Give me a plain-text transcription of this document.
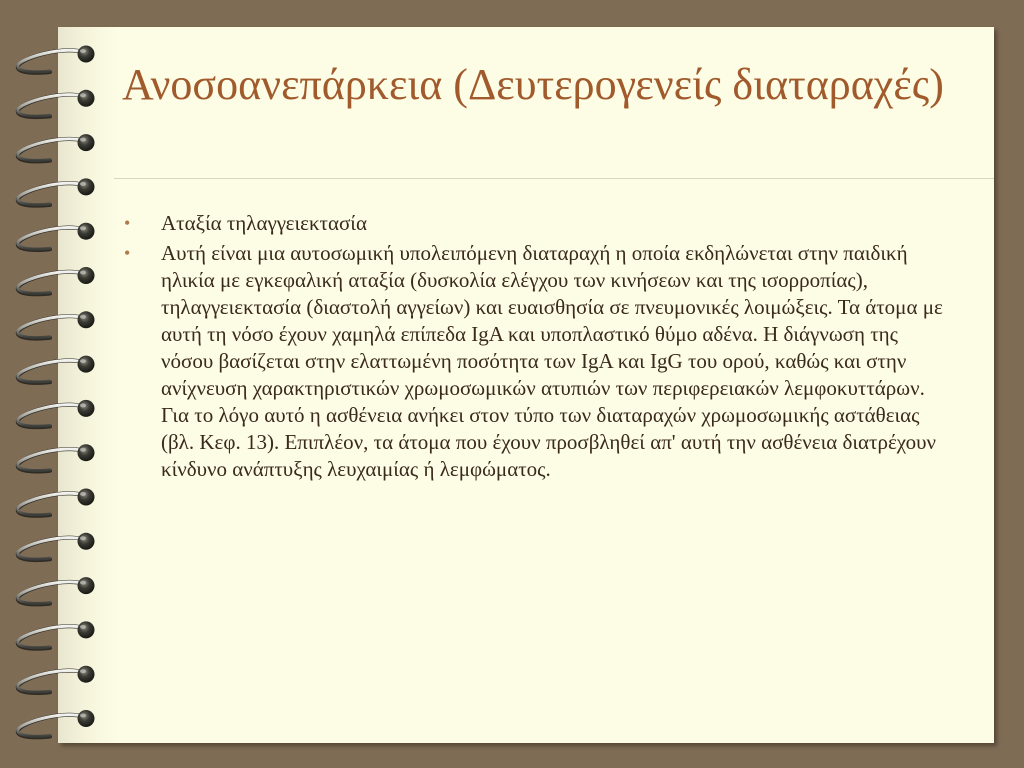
Ανοσοανεπάρκεια (Δευτερογενείς διαταραχές)
• Αταξία τηλαγγειεκτασία
• Αυτή είναι μια αυτοσωμική υπολειπόμενη διαταραχή η οποία εκδηλώνεται στην παιδική ηλικία με εγκεφαλική αταξία (δυσκολία ελέγχου των κινήσεων και της ισορροπίας), τηλαγγειεκτασία (διαστολή αγγείων) και ευαισθησία σε πνευμονικές λοιμώξεις. Τα άτομα με αυτή τη νόσο έχουν χαμηλά επίπεδα IgA και υποπλαστικό θύμο αδένα. Η διάγνωση της νόσου βασίζεται στην ελαττωμένη ποσότητα των IgA και IgG του ορού, καθώς και στην ανίχνευση χαρακτηριστικών χρωμοσωμικών ατυπιών των περιφερειακών λεμφοκυττάρων. Για το λόγο αυτό η ασθένεια ανήκει στον τύπο των διαταραχών χρωμοσωμικής αστάθειας (βλ. Κεφ. 13). Επιπλέον, τα άτομα που έχουν προσβληθεί απ' αυτή την ασθένεια διατρέχουν κίνδυνο ανάπτυξης λευχαιμίας ή λεμφώματος.
